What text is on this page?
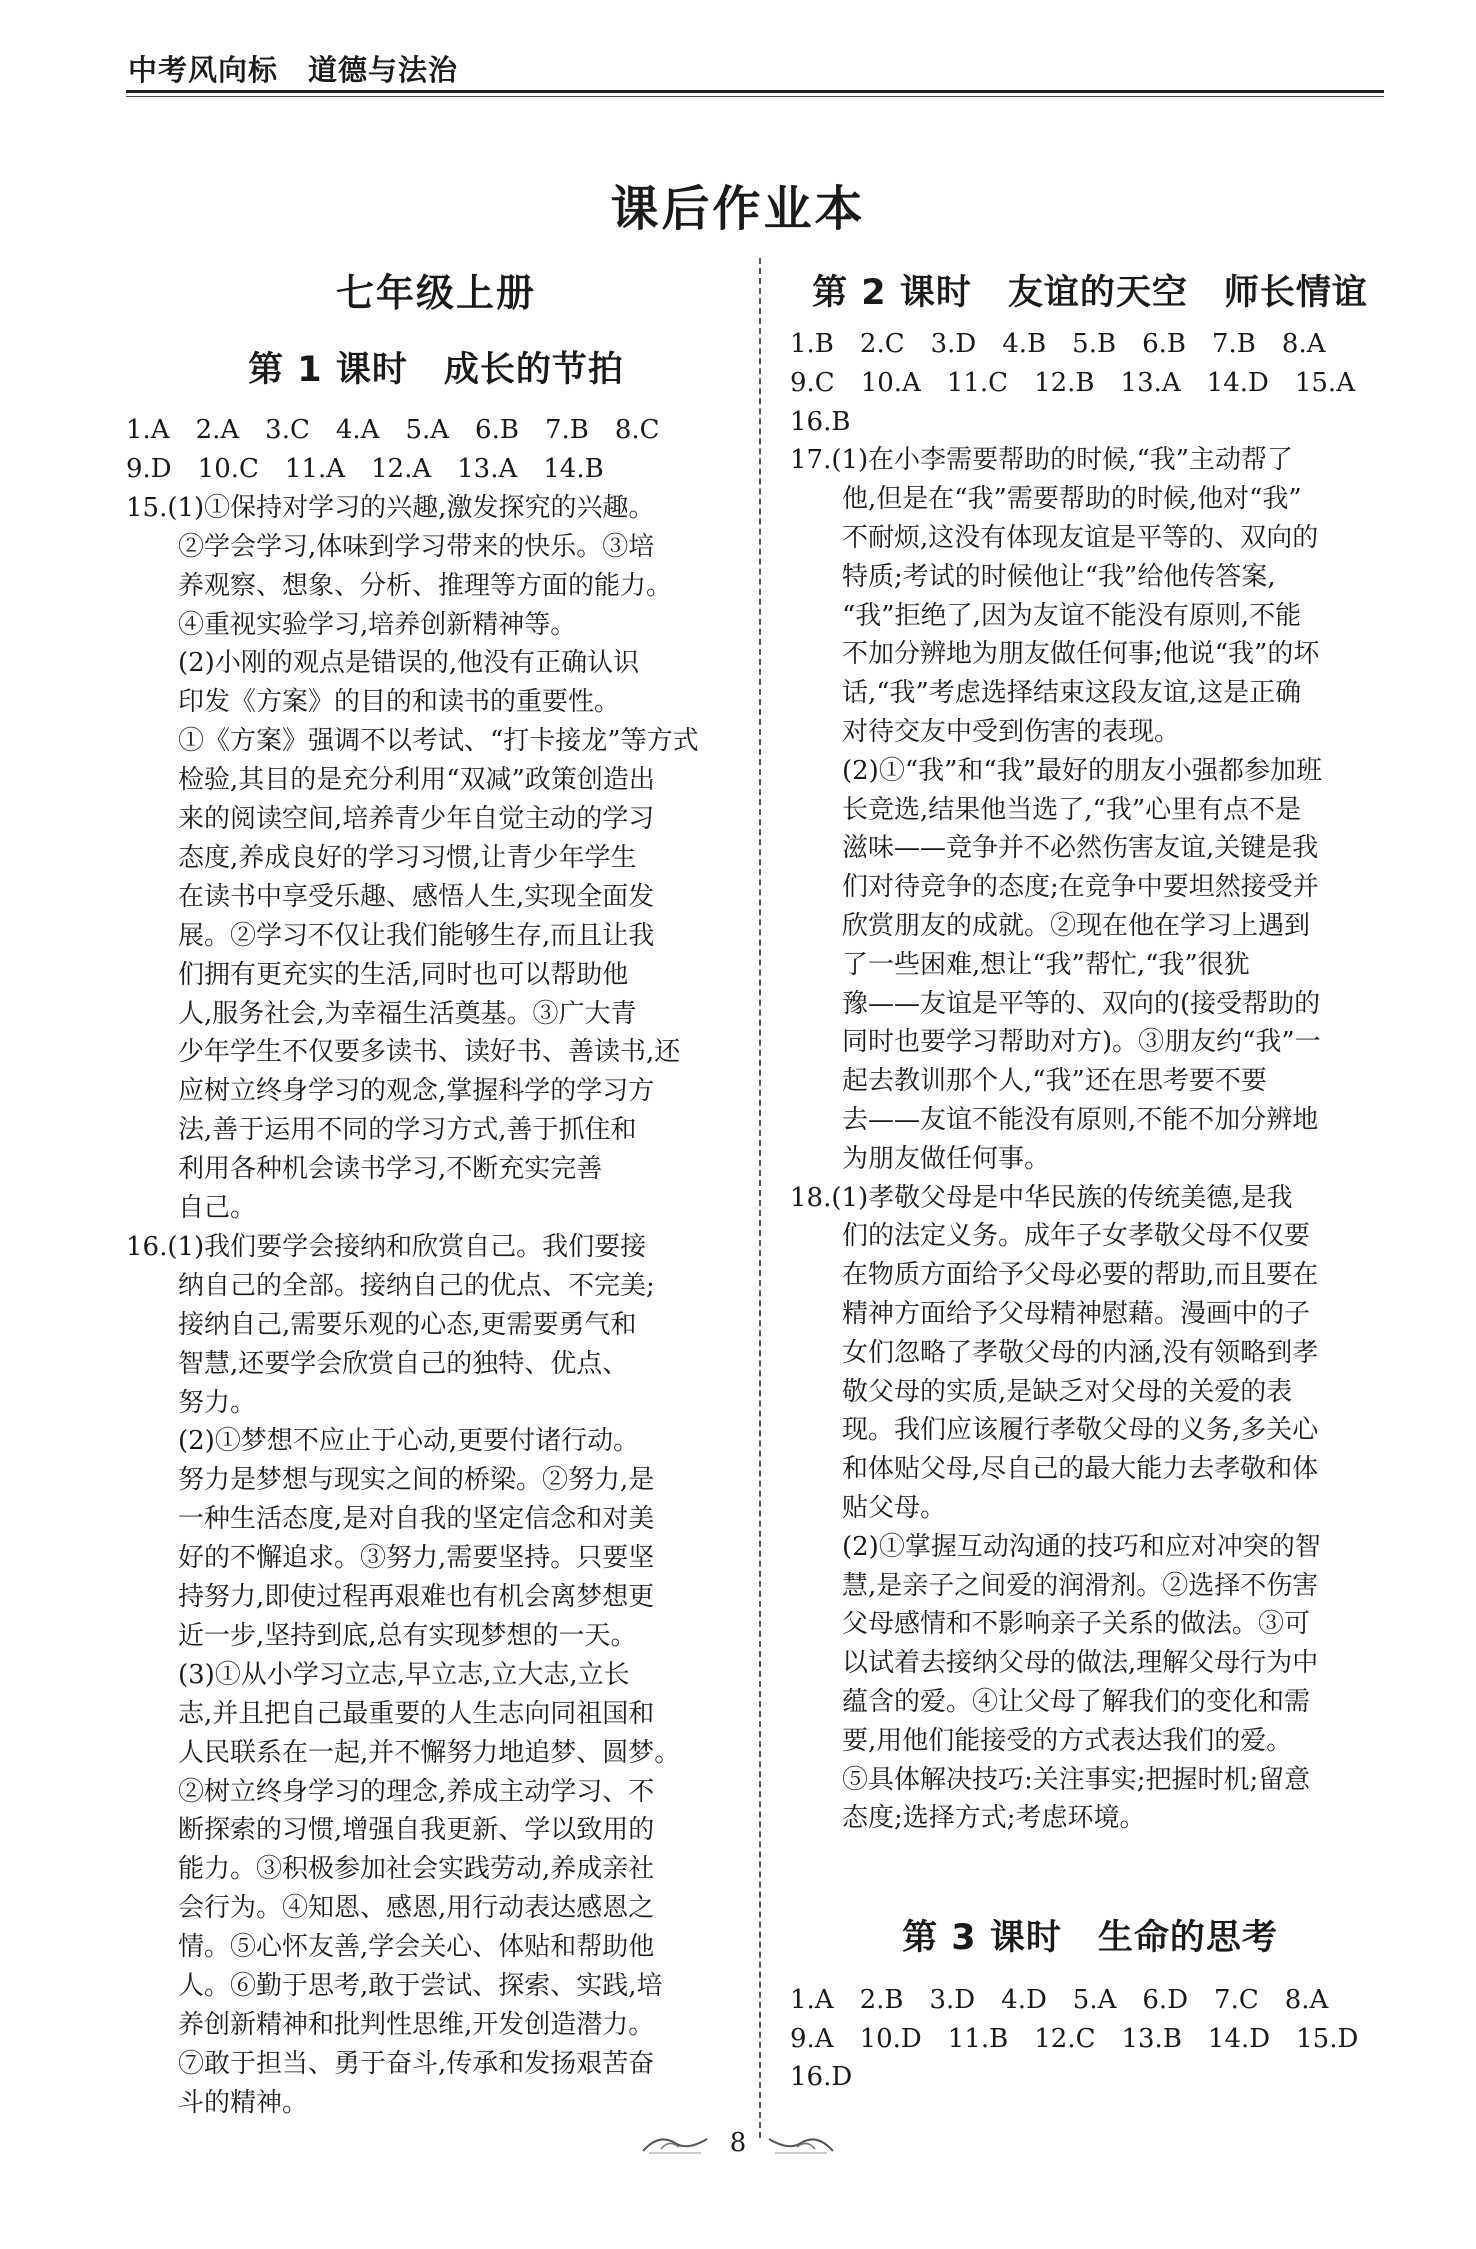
中考风向标　道德与法治
课后作业本
七年级上册
第 1 课时　成长的节拍
1.A　2.A　3.C　4.A　5.A　6.B　7.B　8.C
9.D　10.C　11.A　12.A　13.A　14.B
15.(1)①保持对学习的兴趣,激发探究的兴趣。
　　②学会学习,体味到学习带来的快乐。③培
　　养观察、想象、分析、推理等方面的能力。
　　④重视实验学习,培养创新精神等。
　　(2)小刚的观点是错误的,他没有正确认识
　　印发《方案》的目的和读书的重要性。
　　①《方案》强调不以考试、“打卡接龙”等方式
　　检验,其目的是充分利用“双减”政策创造出
　　来的阅读空间,培养青少年自觉主动的学习
　　态度,养成良好的学习习惯,让青少年学生
　　在读书中享受乐趣、感悟人生,实现全面发
　　展。②学习不仅让我们能够生存,而且让我
　　们拥有更充实的生活,同时也可以帮助他
　　人,服务社会,为幸福生活奠基。③广大青
　　少年学生不仅要多读书、读好书、善读书,还
　　应树立终身学习的观念,掌握科学的学习方
　　法,善于运用不同的学习方式,善于抓住和
　　利用各种机会读书学习,不断充实完善
　　自己。
16.(1)我们要学会接纳和欣赏自己。我们要接
　　纳自己的全部。接纳自己的优点、不完美;
　　接纳自己,需要乐观的心态,更需要勇气和
　　智慧,还要学会欣赏自己的独特、优点、
　　努力。
　　(2)①梦想不应止于心动,更要付诸行动。
　　努力是梦想与现实之间的桥梁。②努力,是
　　一种生活态度,是对自我的坚定信念和对美
　　好的不懈追求。③努力,需要坚持。只要坚
　　持努力,即使过程再艰难也有机会离梦想更
　　近一步,坚持到底,总有实现梦想的一天。
　　(3)①从小学习立志,早立志,立大志,立长
　　志,并且把自己最重要的人生志向同祖国和
　　人民联系在一起,并不懈努力地追梦、圆梦。
　　②树立终身学习的理念,养成主动学习、不
　　断探索的习惯,增强自我更新、学以致用的
　　能力。③积极参加社会实践劳动,养成亲社
　　会行为。④知恩、感恩,用行动表达感恩之
　　情。⑤心怀友善,学会关心、体贴和帮助他
　　人。⑥勤于思考,敢于尝试、探索、实践,培
　　养创新精神和批判性思维,开发创造潜力。
　　⑦敢于担当、勇于奋斗,传承和发扬艰苦奋
　　斗的精神。
第 2 课时　友谊的天空　师长情谊
第 3 课时　生命的思考
1.B　2.C　3.D　4.B　5.B　6.B　7.B　8.A
9.C　10.A　11.C　12.B　13.A　14.D　15.A
16.B
17.(1)在小李需要帮助的时候,“我”主动帮了
　　他,但是在“我”需要帮助的时候,他对“我”
　　不耐烦,这没有体现友谊是平等的、双向的
　　特质;考试的时候他让“我”给他传答案,
　　“我”拒绝了,因为友谊不能没有原则,不能
　　不加分辨地为朋友做任何事;他说“我”的坏
　　话,“我”考虑选择结束这段友谊,这是正确
　　对待交友中受到伤害的表现。
　　(2)①“我”和“我”最好的朋友小强都参加班
　　长竞选,结果他当选了,“我”心里有点不是
　　滋味——竞争并不必然伤害友谊,关键是我
　　们对待竞争的态度;在竞争中要坦然接受并
　　欣赏朋友的成就。②现在他在学习上遇到
　　了一些困难,想让“我”帮忙,“我”很犹
　　豫——友谊是平等的、双向的(接受帮助的
　　同时也要学习帮助对方)。③朋友约“我”一
　　起去教训那个人,“我”还在思考要不要
　　去——友谊不能没有原则,不能不加分辨地
　　为朋友做任何事。
18.(1)孝敬父母是中华民族的传统美德,是我
　　们的法定义务。成年子女孝敬父母不仅要
　　在物质方面给予父母必要的帮助,而且要在
　　精神方面给予父母精神慰藉。漫画中的子
　　女们忽略了孝敬父母的内涵,没有领略到孝
　　敬父母的实质,是缺乏对父母的关爱的表
　　现。我们应该履行孝敬父母的义务,多关心
　　和体贴父母,尽自己的最大能力去孝敬和体
　　贴父母。
　　(2)①掌握互动沟通的技巧和应对冲突的智
　　慧,是亲子之间爱的润滑剂。②选择不伤害
　　父母感情和不影响亲子关系的做法。③可
　　以试着去接纳父母的做法,理解父母行为中
　　蕴含的爱。④让父母了解我们的变化和需
　　要,用他们能接受的方式表达我们的爱。
　　⑤具体解决技巧:关注事实;把握时机;留意
　　态度;选择方式;考虑环境。
1.A　2.B　3.D　4.D　5.A　6.D　7.C　8.A
9.A　10.D　11.B　12.C　13.B　14.D　15.D
16.D
8
